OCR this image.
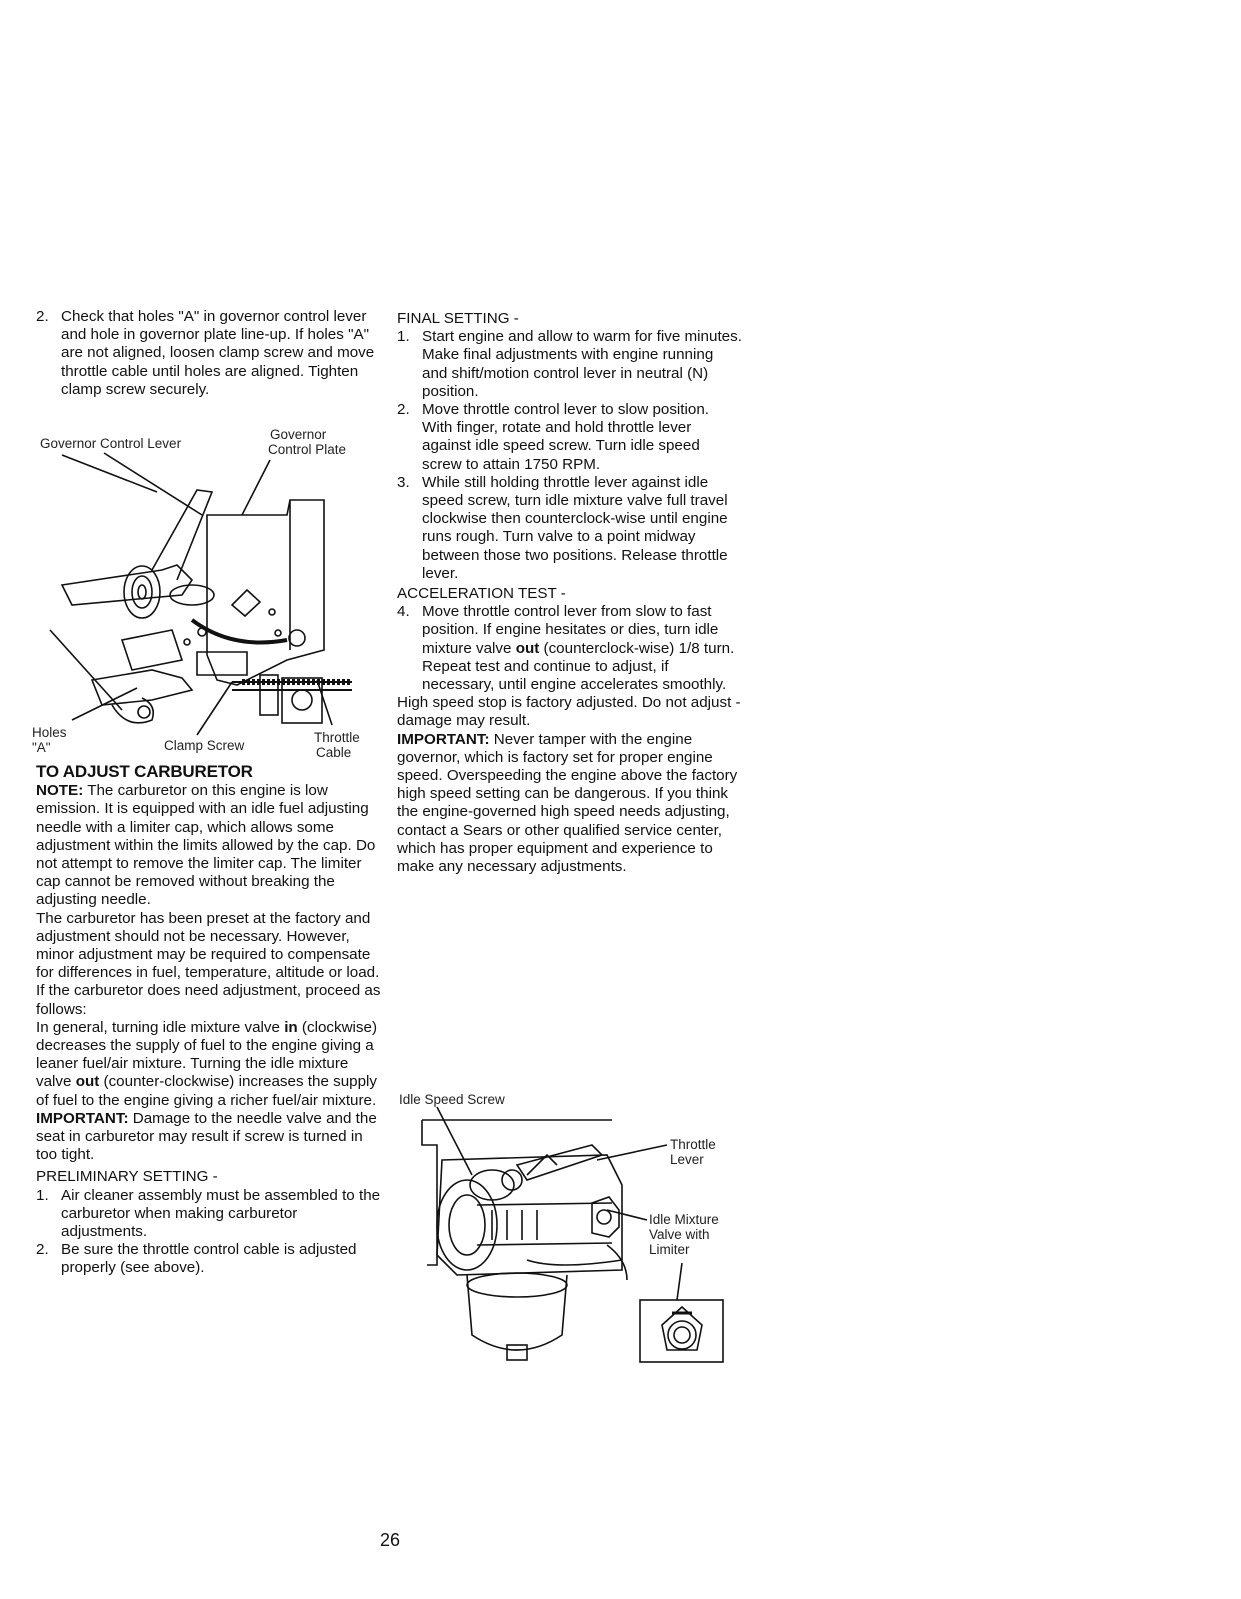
2. Check that holes "A" in governor control lever and hole in governor plate line-up. If holes "A" are not aligned, loosen clamp screw and move throttle cable until holes are aligned. Tighten clamp screw securely.
Governor Control Lever
Governor
Control Plate
Holes
"A"	Clamp Screw
Throttle
Cable
TO ADJUST CARBURETOR

NOTE: The carburetor on this engine is low emission. It is equipped with an idle fuel adjusting needle with a limiter cap, which allows some adjustment within the limits allowed by the cap. Do not attempt to remove the limiter cap. The limiter cap cannot be removed without breaking the adjusting needle.

The carburetor has been preset at the factory and adjustment should not be necessary. However, minor adjustment may be required to compensate for differences in fuel, temperature, altitude or load. If the carburetor does need adjustment, proceed as follows:

In general, turning idle mixture valve in (clockwise) decreases the supply of fuel to the engine giving a leaner fuel/air mixture. Turning the idle mixture valve out (counter-clockwise) increases the supply of fuel to the engine giving a richer fuel/air mixture.

IMPORTANT: Damage to the needle valve and the seat in carburetor may result if screw is turned in too tight.

PRELIMINARY SETTING -
1. Air cleaner assembly must be assembled to the carburetor when making carburetor adjustments.
2. Be sure the throttle control cable is adjusted properly (see above).
FINAL SETTING -
1. Start engine and allow to warm for five minutes. Make final adjustments with engine running and shift/motion control lever in neutral (N) position.
2. Move throttle control lever to slow position. With finger, rotate and hold throttle lever against idle speed screw. Turn idle speed screw to attain 1750 RPM.
3. While still holding throttle lever against idle speed screw, turn idle mixture valve full travel clockwise then counterclock-wise until engine runs rough. Turn valve to a point midway between those two positions. Release throttle lever.
ACCELERATION TEST -
4. Move throttle control lever from slow to fast position. If engine hesitates or dies, turn idle mixture valve out (counterclock-wise) 1/8 turn. Repeat test and continue to adjust, if necessary, until engine accelerates smoothly.

High speed stop is factory adjusted. Do not adjust - damage may result.

IMPORTANT: Never tamper with the engine governor, which is factory set for proper engine speed. Overspeeding the engine above the factory high speed setting can be dangerous. If you think the engine-governed high speed needs adjusting, contact a Sears or other qualified service center, which has proper equipment and experience to make any necessary adjustments.

Idle Speed Screw
Throttle
Lever
Idle Mixture
Valve with
Limiter
26
